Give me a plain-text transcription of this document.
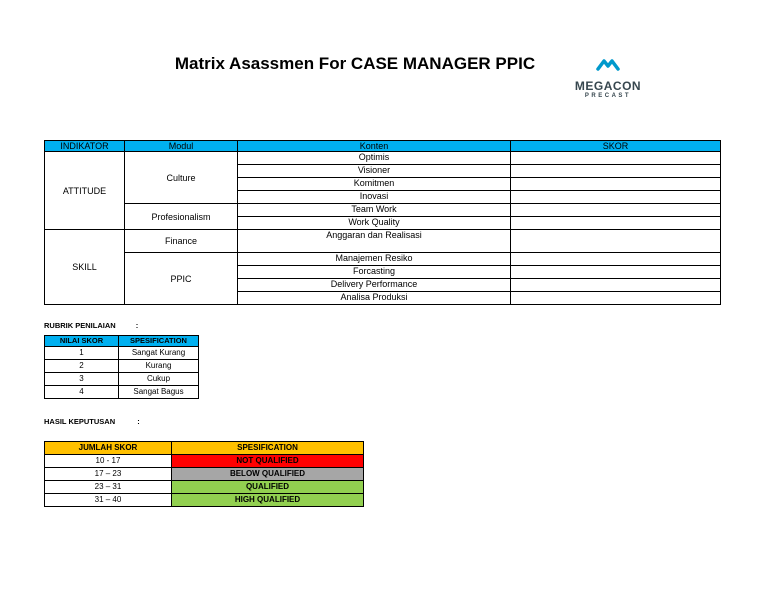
Matrix Asassmen For CASE MANAGER PPIC
MEGACON
PRECAST
INDIKATOR	Modul	Konten	SKOR
ATTITUDE	Culture	Optimis	
		Visioner	
		Komitmen	
		Inovasi	
	Profesionalism	Team Work	
		Work Quality	
SKILL	Finance	Anggaran dan Realisasi	
	PPIC	Manajemen Resiko	
		Forcasting	
		Delivery Performance	
		Analisa Produksi	
RUBRIK PENILAIAN	:
NILAI SKOR	SPESIFICATION
1	Sangat Kurang
2	Kurang
3	Cukup
4	Sangat Bagus
HASIL KEPUTUSAN	:
JUMLAH SKOR	SPESIFICATION
10 - 17	NOT QUALIFIED
17 – 23	BELOW QUALIFIED
23 – 31	QUALIFIED
31 – 40	HIGH QUALIFIED
